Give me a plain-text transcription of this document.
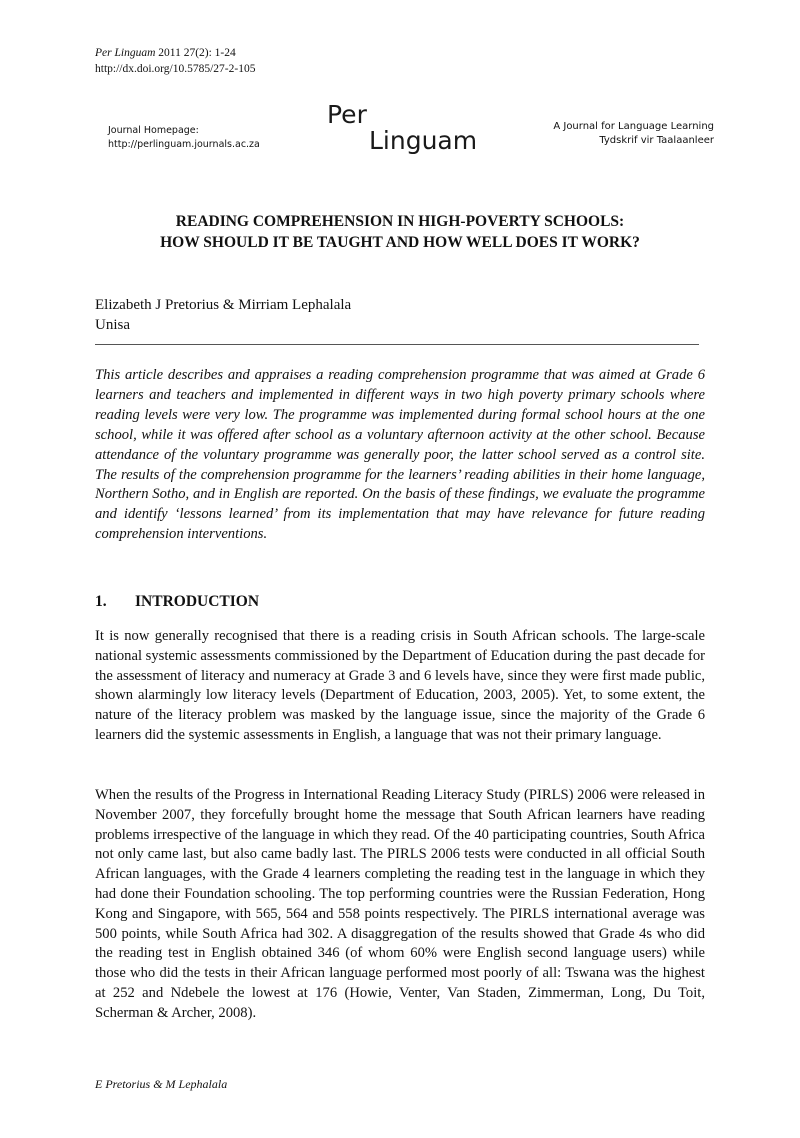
Per Linguam 2011 27(2): 1-24
http://dx.doi.org/10.5785/27-2-105
Journal Homepage:
http://perlinguam.journals.ac.za
Per
Linguam	A Journal for Language Learning
Tydskrif vir Taalaanleer
READING COMPREHENSION IN HIGH-POVERTY SCHOOLS:
HOW SHOULD IT BE TAUGHT AND HOW WELL DOES IT WORK?
Elizabeth J Pretorius & Mirriam Lephalala
Unisa
This article describes and appraises a reading comprehension programme that was aimed at Grade 6 learners and teachers and implemented in different ways in two high poverty primary schools where reading levels were very low. The programme was implemented during formal school hours at the one school, while it was offered after school as a voluntary afternoon activity at the other school. Because attendance of the voluntary programme was generally poor, the latter school served as a control site. The results of the comprehension programme for the learners’ reading abilities in their home language, Northern Sotho, and in English are reported. On the basis of these findings, we evaluate the programme and identify ‘lessons learned’ from its implementation that may have relevance for future reading comprehension interventions.
1. INTRODUCTION
It is now generally recognised that there is a reading crisis in South African schools. The large-scale national systemic assessments commissioned by the Department of Education during the past decade for the assessment of literacy and numeracy at Grade 3 and 6 levels have, since they were first made public, shown alarmingly low literacy levels (Department of Education, 2003, 2005). Yet, to some extent, the nature of the literacy problem was masked by the language issue, since the majority of the Grade 6 learners did the systemic assessments in English, a language that was not their primary language.
When the results of the Progress in International Reading Literacy Study (PIRLS) 2006 were released in November 2007, they forcefully brought home the message that South African learners have reading problems irrespective of the language in which they read. Of the 40 participating countries, South Africa not only came last, but also came badly last. The PIRLS 2006 tests were conducted in all official South African languages, with the Grade 4 learners completing the reading test in the language in which they had done their Foundation schooling. The top performing countries were the Russian Federation, Hong Kong and Singapore, with 565, 564 and 558 points respectively. The PIRLS international average was 500 points, while South Africa had 302. A disaggregation of the results showed that Grade 4s who did the reading test in English obtained 346 (of whom 60% were English second language users) while those who did the tests in their African language performed most poorly of all: Tswana was the highest at 252 and Ndebele the lowest at 176 (Howie, Venter, Van Staden, Zimmerman, Long, Du Toit, Scherman & Archer, 2008).
E Pretorius & M Lephalala
